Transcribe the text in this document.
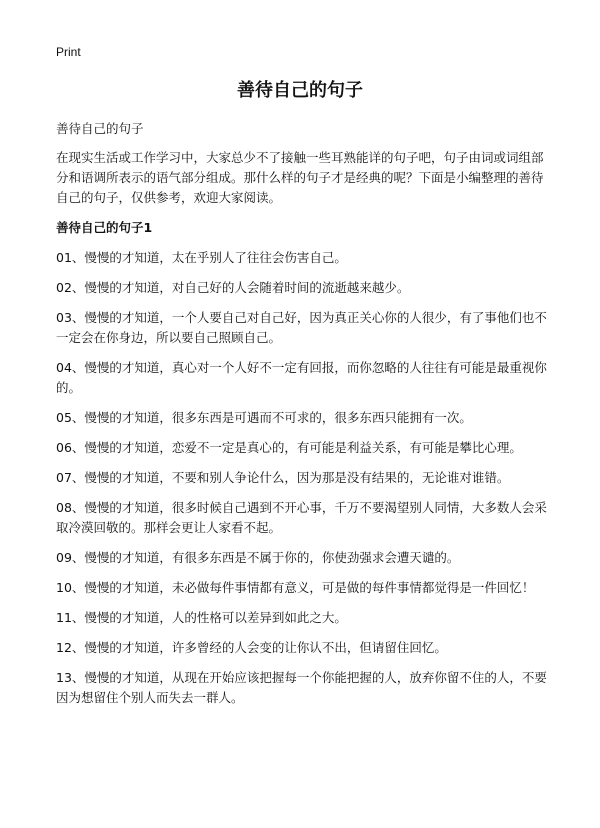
Print
善待自己的句子

善待自己的句子

在现实生活或工作学习中，大家总少不了接触一些耳熟能详的句子吧，句子由词或词组部分和语调所表示的语气部分组成。那什么样的句子才是经典的呢？下面是小编整理的善待自己的句子，仅供参考，欢迎大家阅读。

善待自己的句子1

01、慢慢的才知道，太在乎别人了往往会伤害自己。

02、慢慢的才知道，对自己好的人会随着时间的流逝越来越少。

03、慢慢的才知道，一个人要自己对自己好，因为真正关心你的人很少，有了事他们也不一定会在你身边，所以要自己照顾自己。

04、慢慢的才知道，真心对一个人好不一定有回报，而你忽略的人往往有可能是最重视你的。

05、慢慢的才知道，很多东西是可遇而不可求的，很多东西只能拥有一次。

06、慢慢的才知道，恋爱不一定是真心的，有可能是利益关系，有可能是攀比心理。

07、慢慢的才知道，不要和别人争论什么，因为那是没有结果的，无论谁对谁错。

08、慢慢的才知道，很多时候自己遇到不开心事，千万不要渴望别人同情，大多数人会采取冷漠回敬的。那样会更让人家看不起。

09、慢慢的才知道，有很多东西是不属于你的，你使劲强求会遭天谴的。

10、慢慢的才知道，未必做每件事情都有意义，可是做的每件事情都觉得是一件回忆！

11、慢慢的才知道，人的性格可以差异到如此之大。

12、慢慢的才知道，许多曾经的人会变的让你认不出，但请留住回忆。

13、慢慢的才知道，从现在开始应该把握每一个你能把握的人，放弃你留不住的人，不要因为想留住个别人而失去一群人。
